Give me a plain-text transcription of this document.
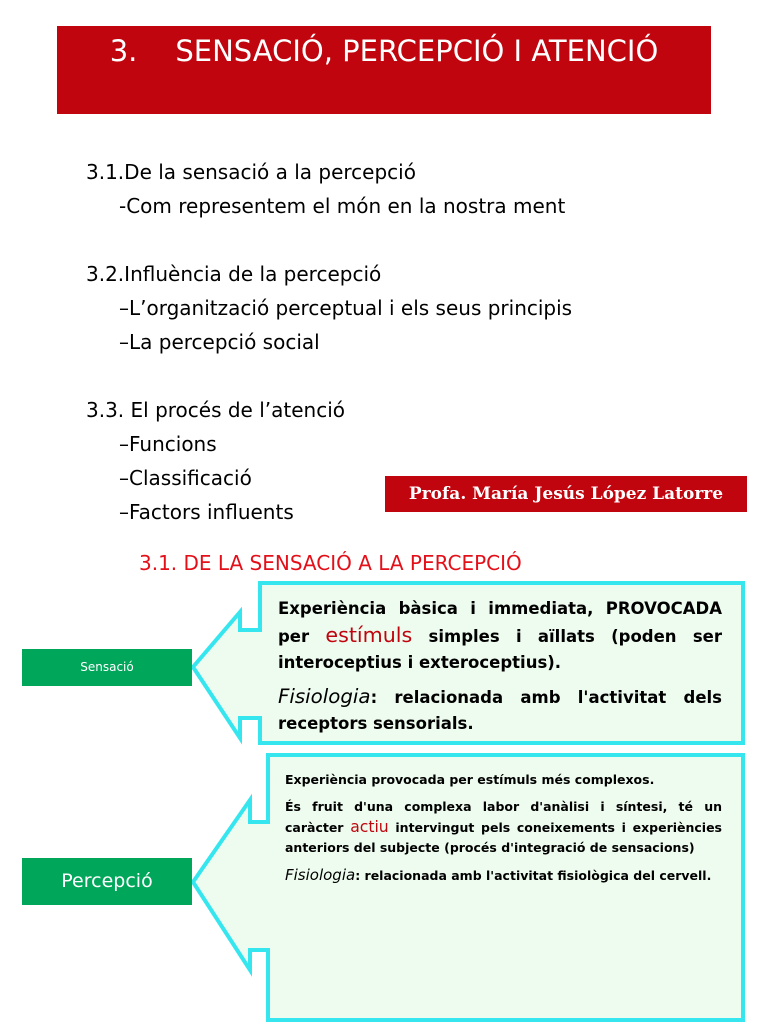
3. SENSACIÓ, PERCEPCIÓ I ATENCIÓ
3.1.De la sensació a la percepció
-Com representem el món en la nostra ment
3.2.Influència de la percepció
–L’organització perceptual i els seus principis
–La percepció social
3.3. El procés de l’atenció
–Funcions
–Classificació
–Factors influents
Profa. María Jesús López Latorre
3.1. DE LA SENSACIÓ A LA PERCEPCIÓ
Sensació
Percepció

Experiència bàsica i immediata, PROVOCADA per estímuls simples i aïllats (poden ser interoceptius i exteroceptius).

Fisiologia: relacionada amb l'activitat dels receptors sensorials.

Experiència provocada per estímuls més complexos.

És fruit d'una complexa labor d'anàlisi i síntesi, té un caràcter actiu intervingut pels coneixements i experiències anteriors del subjecte (procés d'integració de sensacions)

Fisiologia: relacionada amb l'activitat fisiològica del cervell.
